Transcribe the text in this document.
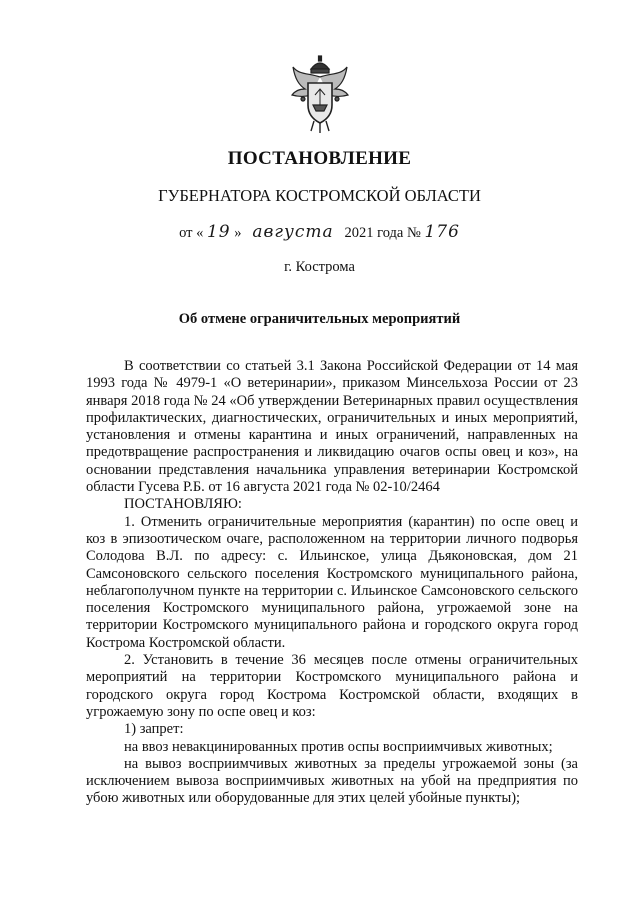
ПОСТАНОВЛЕНИЕ
ГУБЕРНАТОРА КОСТРОМСКОЙ ОБЛАСТИ
от « 19 » августа 2021 года № 176
г. Кострома
Об отмене ограничительных мероприятий

В соответствии со статьей 3.1 Закона Российской Федерации от 14 мая 1993 года № 4979-1 «О ветеринарии», приказом Минсельхоза России от 23 января 2018 года № 24 «Об утверждении Ветеринарных правил осуществления профилактических, диагностических, ограничительных и иных мероприятий, установления и отмены карантина и иных ограничений, направленных на предотвращение распространения и ликвидацию очагов оспы овец и коз», на основании представления начальника управления ветеринарии Костромской области Гусева Р.Б. от 16 августа 2021 года № 02-10/2464

ПОСТАНОВЛЯЮ:

1. Отменить ограничительные мероприятия (карантин) по оспе овец и коз в эпизоотическом очаге, расположенном на территории личного подворья Солодова В.Л. по адресу: с. Ильинское, улица Дьяконовская, дом 21 Самсоновского сельского поселения Костромского муниципального района, неблагополучном пункте на территории с. Ильинское Самсоновского сельского поселения Костромского муниципального района, угрожаемой зоне на территории Костромского муниципального района и городского округа город Кострома Костромской области.

2. Установить в течение 36 месяцев после отмены ограничительных мероприятий на территории Костромского муниципального района и городского округа город Кострома Костромской области, входящих в угрожаемую зону по оспе овец и коз:

1) запрет:

на ввоз невакцинированных против оспы восприимчивых животных;

на вывоз восприимчивых животных за пределы угрожаемой зоны (за исключением вывоза восприимчивых животных на убой на предприятия по убою животных или оборудованные для этих целей убойные пункты);
